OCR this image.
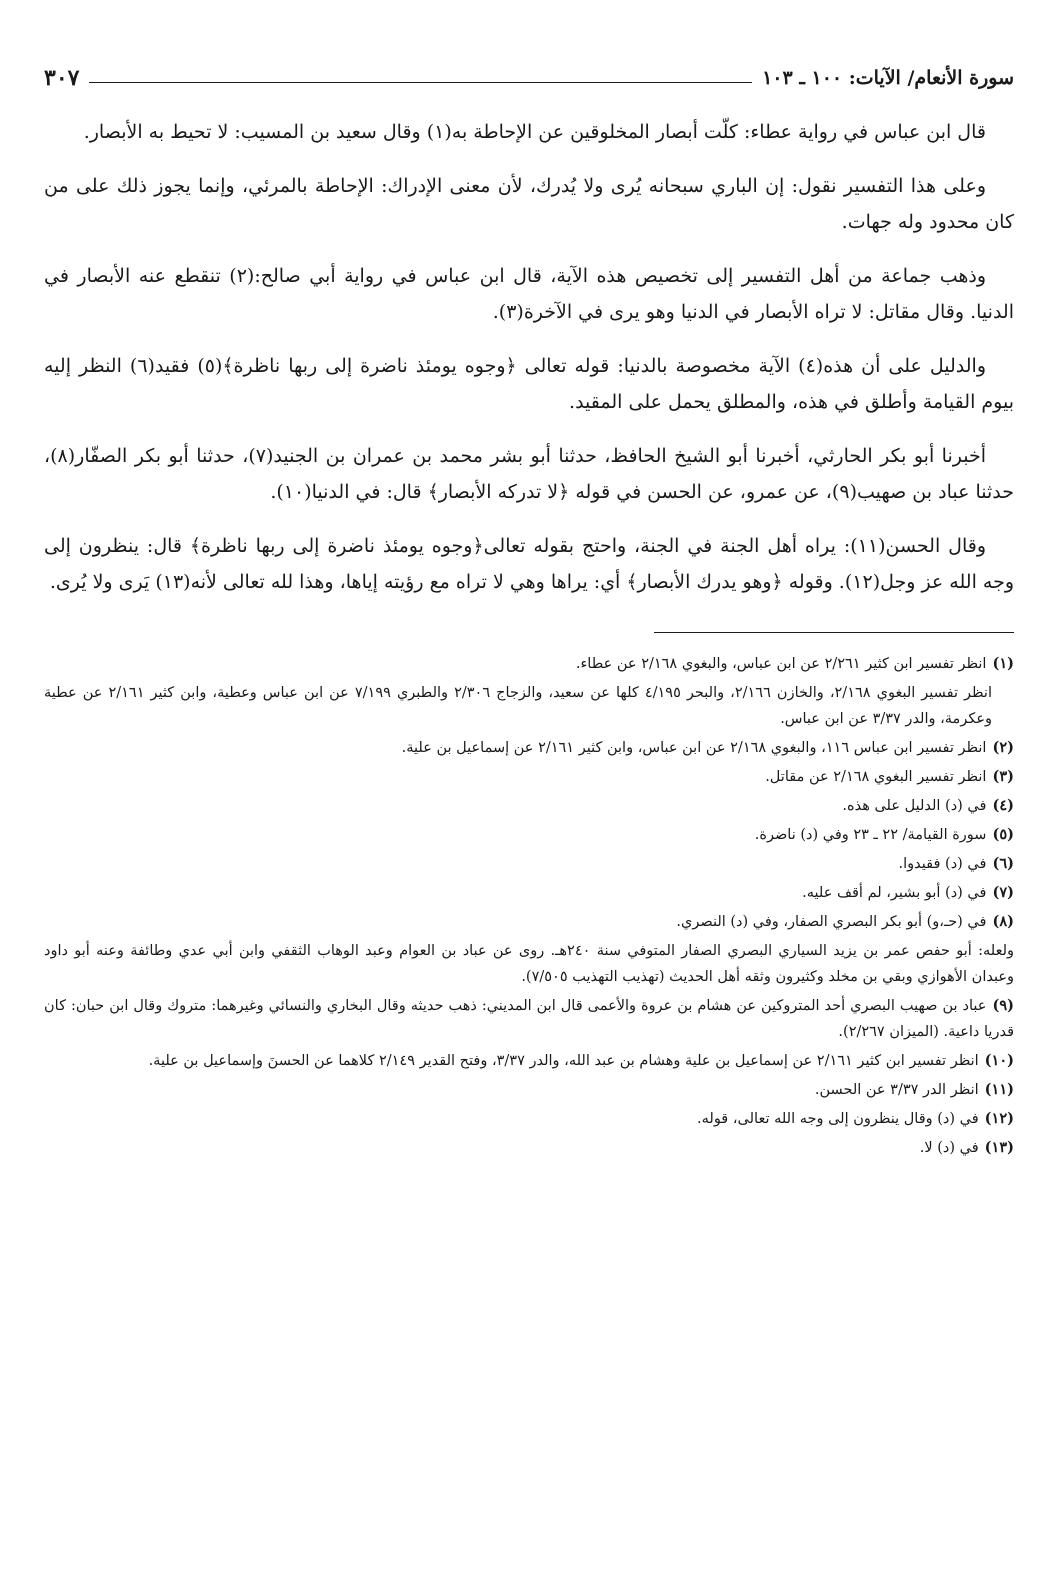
سورة الأنعام/ الآيات: ١٠٠ ـ ١٠٣
٣٠٧

قال ابن عباس في رواية عطاء: كلّت أبصار المخلوقين عن الإحاطة به(١) وقال سعيد بن المسيب: لا تحيط به الأبصار.

وعلى هذا التفسير نقول: إن الباري سبحانه يُرى ولا يُدرك، لأن معنى الإدراك: الإحاطة بالمرئي، وإنما يجوز ذلك على من كان محدود وله جهات.

وذهب جماعة من أهل التفسير إلى تخصيص هذه الآية، قال ابن عباس في رواية أبي صالح:(٢) تنقطع عنه الأبصار في الدنيا. وقال مقاتل: لا تراه الأبصار في الدنيا وهو يرى في الآخرة(٣).

والدليل على أن هذه(٤) الآية مخصوصة بالدنيا: قوله تعالى ﴿وجوه يومئذ ناضرة إلى ربها ناظرة﴾(٥) فقيد(٦) النظر إليه بيوم القيامة وأطلق في هذه، والمطلق يحمل على المقيد.

أخبرنا أبو بكر الحارثي، أخبرنا أبو الشيخ الحافظ، حدثنا أبو بشر محمد بن عمران بن الجنيد(٧)، حدثنا أبو بكر الصفّار(٨)، حدثنا عباد بن صهيب(٩)، عن عمرو، عن الحسن في قوله ﴿لا تدركه الأبصار﴾ قال: في الدنيا(١٠).

وقال الحسن(١١): يراه أهل الجنة في الجنة، واحتج بقوله تعالى﴿وجوه يومئذ ناضرة إلى ربها ناظرة﴾ قال: ينظرون إلى وجه الله عز وجل(١٢). وقوله ﴿وهو يدرك الأبصار﴾ أي: يراها وهي لا تراه مع رؤيته إياها، وهذا لله تعالى لأنه(١٣) يَرى ولا يُرى.

(١)انظر تفسير ابن كثير ٢/٢٦١ عن ابن عباس، والبغوي ٢/١٦٨ عن عطاء.
انظر تفسير البغوي ٢/١٦٨، والخازن ٢/١٦٦، والبحر ٤/١٩٥ كلها عن سعيد، والزجاج ٢/٣٠٦ والطبري ٧/١٩٩ عن ابن عباس وعطية، وابن كثير ٢/١٦١ عن عطية وعكرمة، والدر ٣/٣٧ عن ابن عباس.
(٢)انظر تفسير ابن عباس ١١٦، والبغوي ٢/١٦٨ عن ابن عباس، وابن كثير ٢/١٦١ عن إسماعيل بن علية.
(٣)انظر تفسير البغوي ٢/١٦٨ عن مقاتل.
(٤)في (د) الدليل على هذه.
(٥)سورة القيامة/ ٢٢ ـ ٢٣ وفي (د) ناضرة.
(٦)في (د) فقيدوا.
(٧)في (د) أبو بشير، لم أقف عليه.
(٨)في (حـ،و) أبو بكر البصري الصفار، وفي (د) النصري.
ولعله: أبو حفص عمر بن يزيد السياري البصري الصفار المتوفي سنة ٢٤٠هـ. روى عن عباد بن العوام وعبد الوهاب الثقفي وابن أبي عدي وطائفة وعنه أبو داود وعبدان الأهوازي وبقي بن مخلد وكثيرون وثقه أهل الحديث (تهذيب التهذيب ٧/٥٠٥).
(٩)عباد بن صهيب البصري أحد المتروكين عن هشام بن عروة والأعمى قال ابن المديني: ذهب حديثه وقال البخاري والنسائي وغيرهما: متروك وقال ابن حبان: كان قدريا داعية. (الميزان ٢/٢٦٧).
(١٠)انظر تفسير ابن كثير ٢/١٦١ عن إسماعيل بن علية وهشام بن عبد الله، والدر ٣/٣٧، وفتح القدير ٢/١٤٩ كلاهما عن الحسنَ وإسماعيل بن علية.
(١١)انظر الدر ٣/٣٧ عن الحسن.
(١٢)في (د) وقال ينظرون إلى وجه الله تعالى، قوله.
(١٣)في (د) لا.
